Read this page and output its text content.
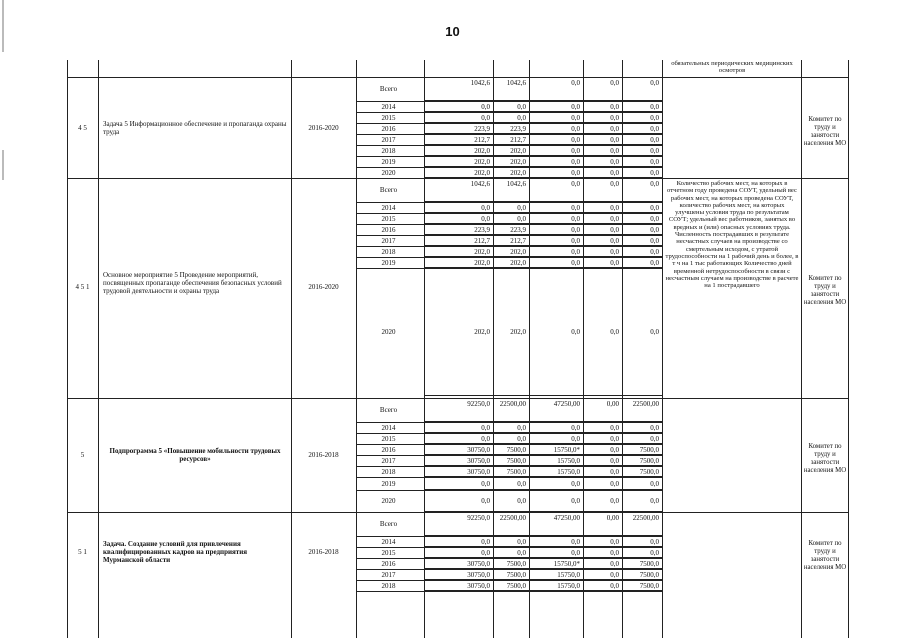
10
обязательных периодических медицинских осмотров
4 5	Задача 5 Информационное обеспечение и пропаганда охраны труда	2016-2020
Комитет по труду и занятости населения МО
Всего
1042,6	1042,6	0,0	0,0	0,0
2014	0,0	0,0	0,0	0,0	0,0
2015	0,0	0,0	0,0	0,0	0,0
2016	223,9	223,9	0,0	0,0	0,0
2017	212,7	212,7	0,0	0,0	0,0
2018	202,0	202,0	0,0	0,0	0,0
2019	202,0	202,0	0,0	0,0	0,0
2020	202,0	202,0	0,0	0,0	0,0
4 5 1
Основное мероприятие 5 Проведение мероприятий, посвященных пропаганде обеспечения безопасных условий трудовой деятельности и охраны труда	2016-2020
Комитет по труду и занятости населения МО
Количество рабочих мест, на которых в отчетном году проведена СОУТ, удельный вес рабочих мест, на которых проведена СОУТ, количество рабочих мест, на которых улучшены условия труда по результатам СОУТ; удельный вес работников, занятых во вредных и (или) опасных условиях труда. Численность пострадавших в результате несчастных случаев на производстве со смертельным исходом, с утратой трудоспособности на 1 рабочий день и более, в т ч на 1 тыс работающих Количество дней временной нетрудоспособности в связи с несчастным случаем на производстве в расчете на 1 пострадавшего
Всего
1042,6	1042,6	0,0	0,0	0,0
2014	0,0	0,0	0,0	0,0	0,0
2015	0,0	0,0	0,0	0,0	0,0
2016	223,9	223,9	0,0	0,0	0,0
2017	212,7	212,7	0,0	0,0	0,0
2018	202,0	202,0	0,0	0,0	0,0
2019	202,0	202,0	0,0	0,0	0,0
2020	202,0	202,0	0,0	0,0	0,0
5	Подпрограмма 5 «Повышение мобильности трудовых ресурсов»	2016-2018
Комитет по труду и занятости населения МО
Всего
92250,0	22500,00	47250,00	0,00	22500,00
2014	0,0	0,0	0,0	0,0	0,0
2015	0,0	0,0	0,0	0,0	0,0
2016	30750,0	7500,0	15750,0*	0,0	7500,0
2017	30750,0	7500,0	15750,0	0,0	7500,0
2018	30750,0	7500,0	15750,0	0,0	7500,0
2019	0,0	0,0	0,0	0,0	0,0
2020	0,0	0,0	0,0	0,0	0,0
5 1
Задача. Создание условий для привлечения квалифицированных кадров на предприятия Мурманской области
2016-2018
Комитет по труду и занятости населения МО
Всего
92250,0	22500,00	47250,00	0,00	22500,00
2014	0,0	0,0	0,0	0,0	0,0
2015	0,0	0,0	0,0	0,0	0,0
2016	30750,0	7500,0	15750,0*	0,0	7500,0
2017	30750,0	7500,0	15750,0	0,0	7500,0
2018	30750,0	7500,0	15750,0	0,0	7500,0
